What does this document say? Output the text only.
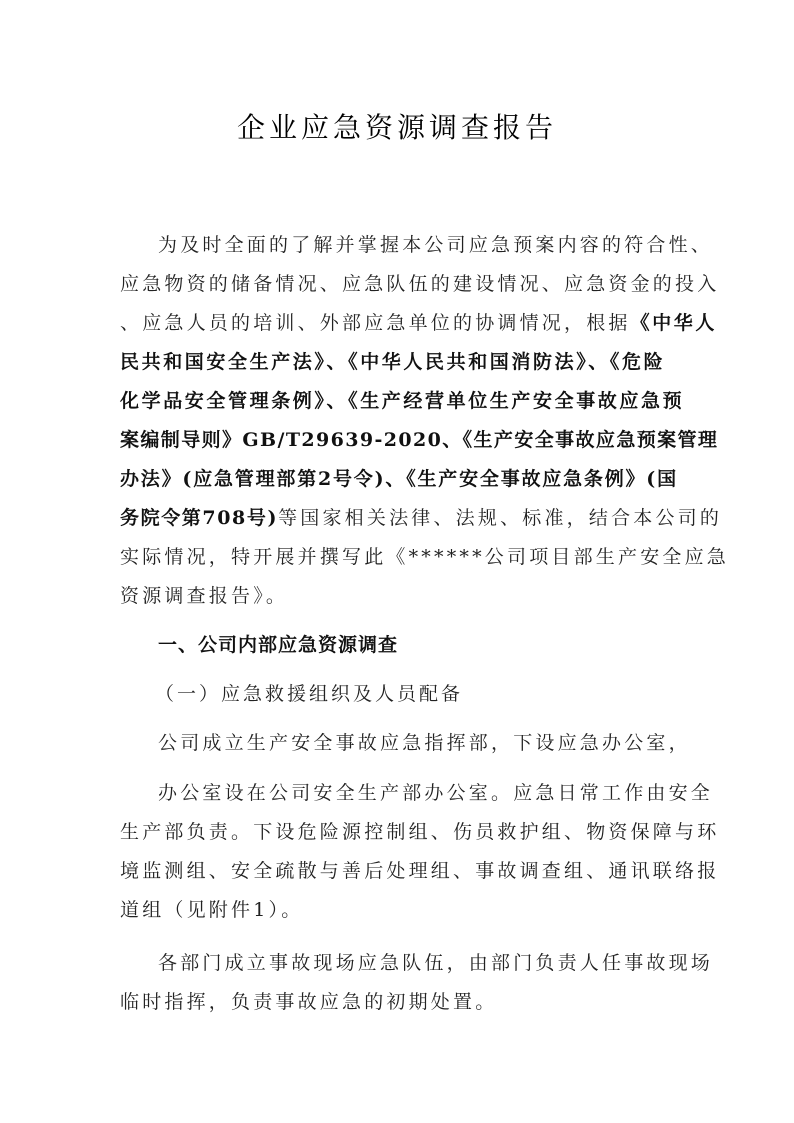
企业应急资源调查报告
为及时全面的了解并掌握本公司应急预案内容的符合性、
应急物资的储备情况、应急队伍的建设情况、应急资金的投入
、应急人员的培训、外部应急单位的协调情况，根据《中华人
民共和国安全生产法》、《中华人民共和国消防法》、《危险
化学品安全管理条例》、《生产经营单位生产安全事故应急预
案编制导则》GB/T29639-2020、《生产安全事故应急预案管理
办法》(应急管理部第2号令)、《生产安全事故应急条例》(国
务院令第708号)等国家相关法律、法规、标准，结合本公司的
实际情况，特开展并撰写此《******公司项目部生产安全应急
资源调查报告》。
一、公司内部应急资源调查
（一）应急救援组织及人员配备
公司成立生产安全事故应急指挥部，下设应急办公室，
办公室设在公司安全生产部办公室。应急日常工作由安全
生产部负责。下设危险源控制组、伤员救护组、物资保障与环
境监测组、安全疏散与善后处理组、事故调查组、通讯联络报
道组（见附件1）。
各部门成立事故现场应急队伍，由部门负责人任事故现场
临时指挥，负责事故应急的初期处置。
